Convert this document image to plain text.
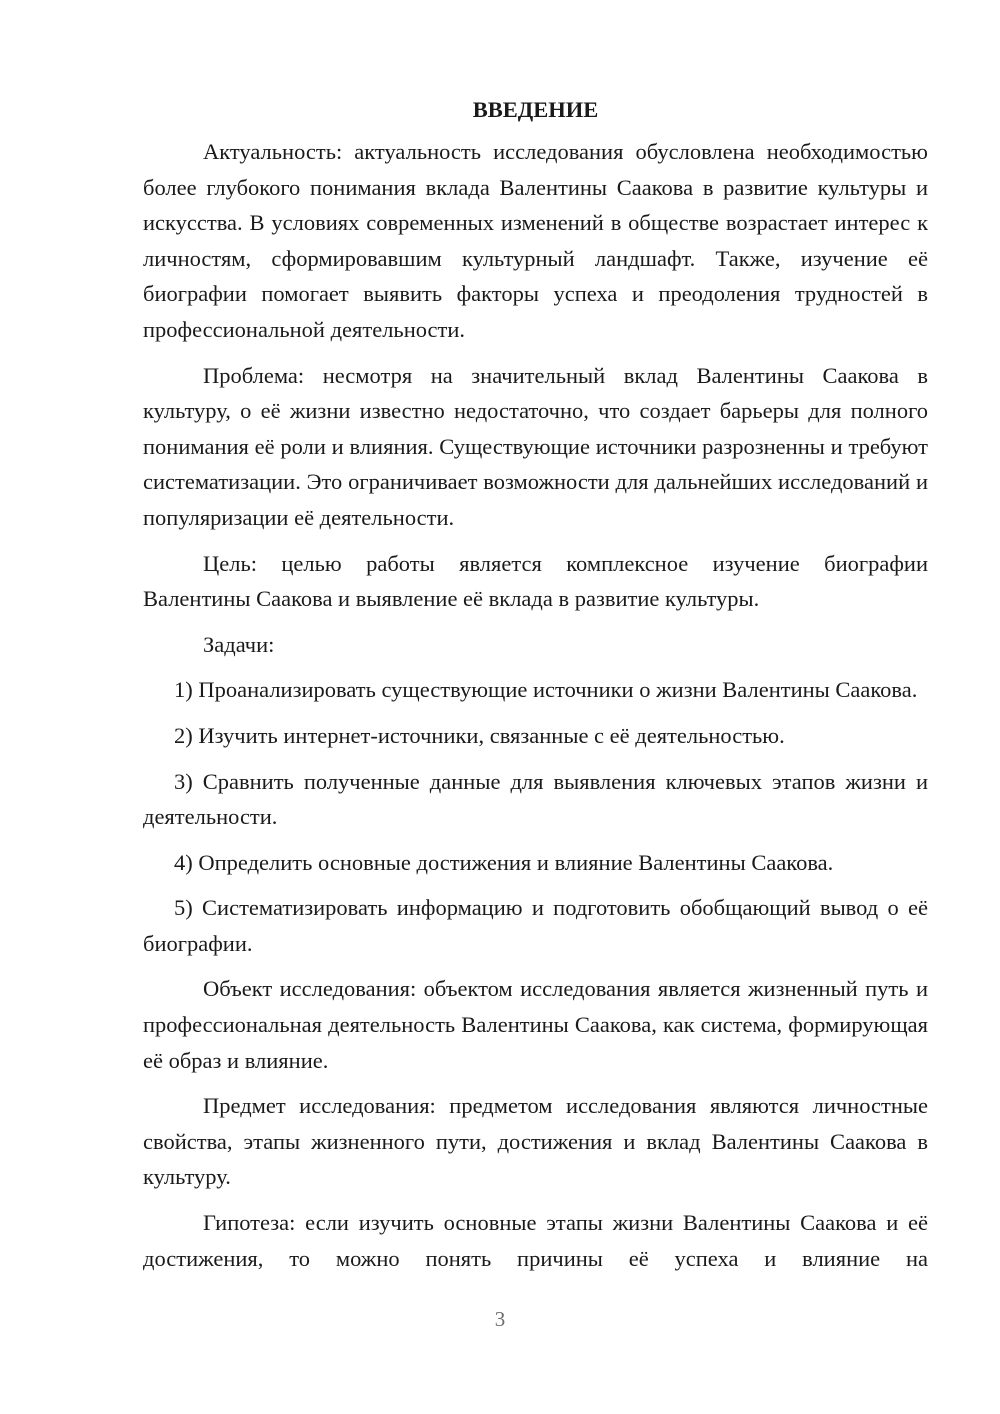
ВВЕДЕНИЕ

Актуальность: актуальность исследования обусловлена необходимостью более глубокого понимания вклада Валентины Саакова в развитие культуры и искусства. В условиях современных изменений в обществе возрастает интерес к личностям, сформировавшим культурный ландшафт. Также, изучение её биографии помогает выявить факторы успеха и преодоления трудностей в профессиональной деятельности.

Проблема: несмотря на значительный вклад Валентины Саакова в культуру, о её жизни известно недостаточно, что создает барьеры для полного понимания её роли и влияния. Существующие источники разрозненны и требуют систематизации. Это ограничивает возможности для дальнейших исследований и популяризации её деятельности.

Цель: целью работы является комплексное изучение биографии Валентины Саакова и выявление её вклада в развитие культуры.

Задачи:

1) Проанализировать существующие источники о жизни Валентины Саакова.

2) Изучить интернет-источники, связанные с её деятельностью.

3) Сравнить полученные данные для выявления ключевых этапов жизни и деятельности.

4) Определить основные достижения и влияние Валентины Саакова.

5) Систематизировать информацию и подготовить обобщающий вывод о её биографии.

Объект исследования: объектом исследования является жизненный путь и профессиональная деятельность Валентины Саакова, как система, формирующая её образ и влияние.

Предмет исследования: предметом исследования являются личностные свойства, этапы жизненного пути, достижения и вклад Валентины Саакова в культуру.

Гипотеза: если изучить основные этапы жизни Валентины Саакова и её достижения, то можно понять причины её успеха и влияние на

3
